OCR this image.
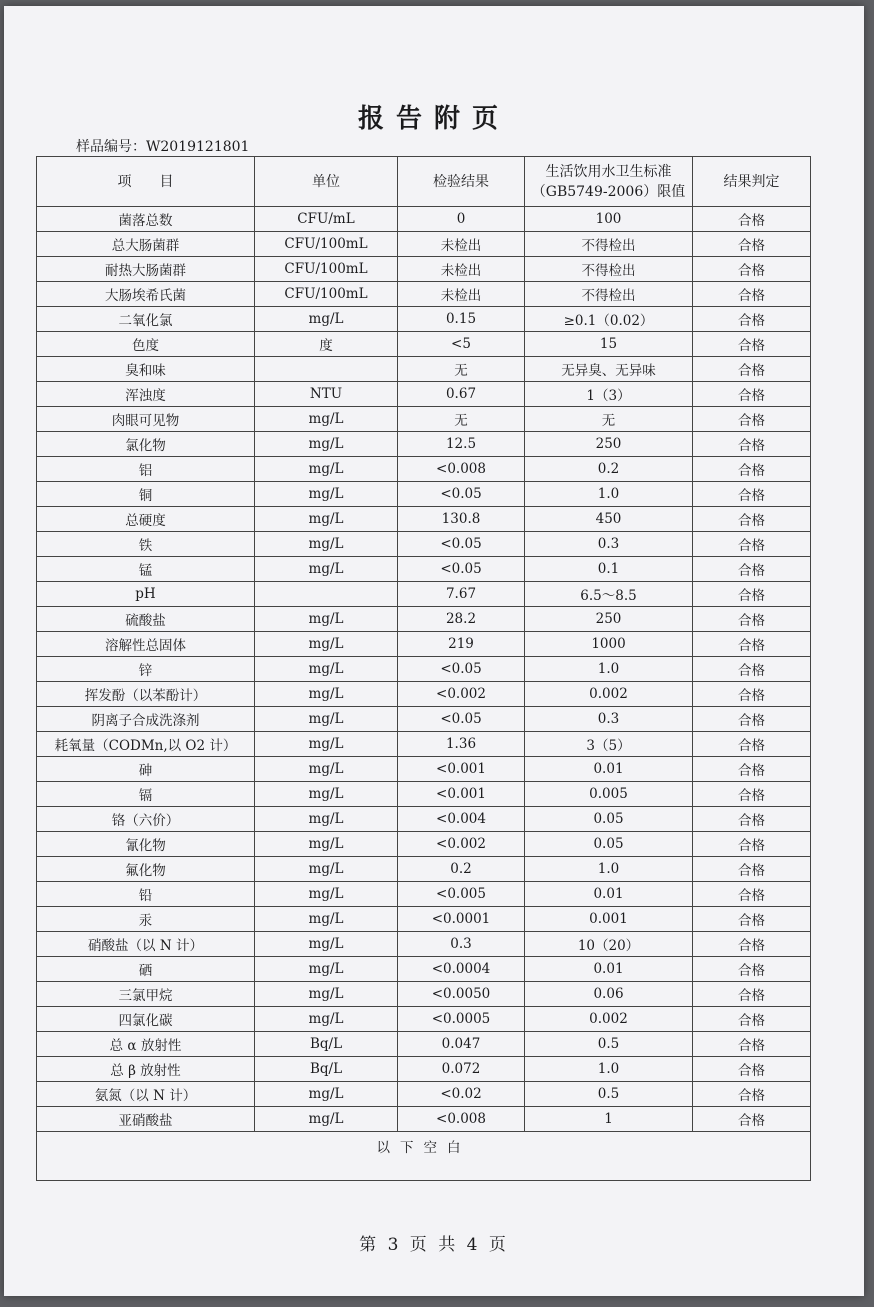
报告附页
样品编号：W2019121801
项　　目	单位	检验结果	生活饮用水卫生标准（GB5749-2006）限值	结果判定
菌落总数	CFU/mL	0	100	合格
总大肠菌群	CFU/100mL	未检出	不得检出	合格
耐热大肠菌群	CFU/100mL	未检出	不得检出	合格
大肠埃希氏菌	CFU/100mL	未检出	不得检出	合格
二氧化氯	mg/L	0.15	≥0.1（0.02）	合格
色度	度	<5	15	合格
臭和味		无	无异臭、无异味	合格
浑浊度	NTU	0.67	1（3）	合格
肉眼可见物	mg/L	无	无	合格
氯化物	mg/L	12.5	250	合格
铝	mg/L	<0.008	0.2	合格
铜	mg/L	<0.05	1.0	合格
总硬度	mg/L	130.8	450	合格
铁	mg/L	<0.05	0.3	合格
锰	mg/L	<0.05	0.1	合格
pH		7.67	6.5～8.5	合格
硫酸盐	mg/L	28.2	250	合格
溶解性总固体	mg/L	219	1000	合格
锌	mg/L	<0.05	1.0	合格
挥发酚（以苯酚计）	mg/L	<0.002	0.002	合格
阴离子合成洗涤剂	mg/L	<0.05	0.3	合格
耗氧量（CODMn,以 O2 计）	mg/L	1.36	3（5）	合格
砷	mg/L	<0.001	0.01	合格
镉	mg/L	<0.001	0.005	合格
铬（六价）	mg/L	<0.004	0.05	合格
氰化物	mg/L	<0.002	0.05	合格
氟化物	mg/L	0.2	1.0	合格
铅	mg/L	<0.005	0.01	合格
汞	mg/L	<0.0001	0.001	合格
硝酸盐（以 N 计）	mg/L	0.3	10（20）	合格
硒	mg/L	<0.0004	0.01	合格
三氯甲烷	mg/L	<0.0050	0.06	合格
四氯化碳	mg/L	<0.0005	0.002	合格
总 α 放射性	Bq/L	0.047	0.5	合格
总 β 放射性	Bq/L	0.072	1.0	合格
氨氮（以 N 计）	mg/L	<0.02	0.5	合格
亚硝酸盐	mg/L	<0.008	1	合格
以下空白				
第 3 页 共 4 页
